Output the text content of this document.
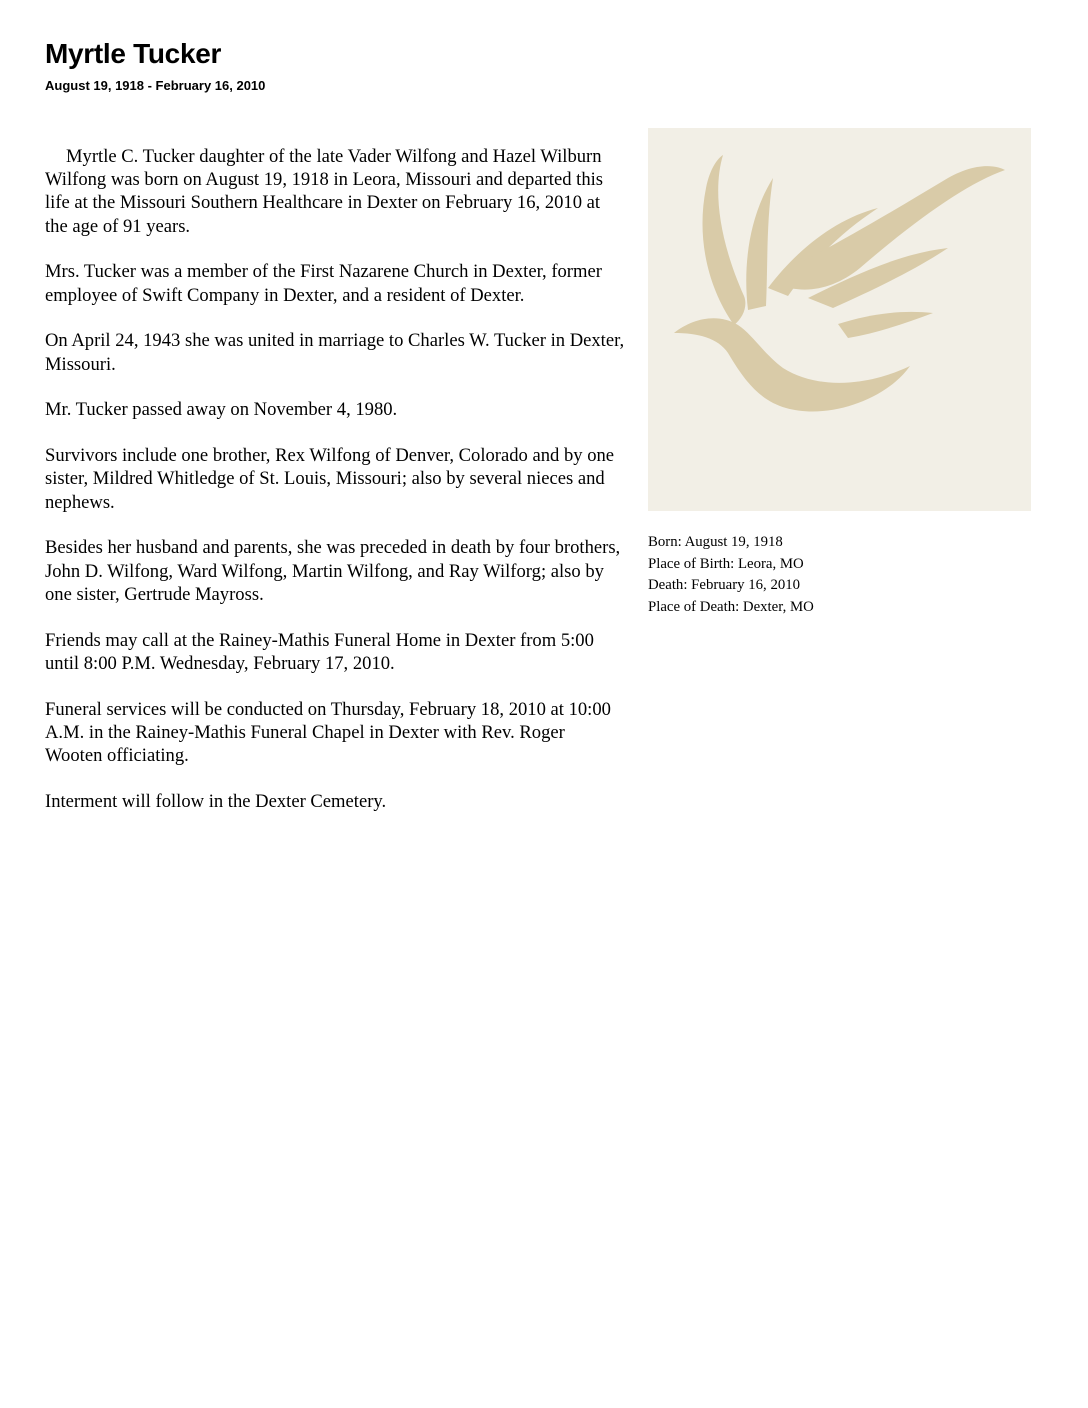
Myrtle Tucker
August 19, 1918 - February 16, 2010

Myrtle C. Tucker daughter of the late Vader Wilfong and Hazel Wilburn Wilfong was born on August 19, 1918 in Leora, Missouri and departed this life at the Missouri Southern Healthcare in Dexter on February 16, 2010 at the age of 91 years.

Mrs. Tucker was a member of the First Nazarene Church in Dexter, former employee of Swift Company in Dexter, and a resident of Dexter.

On April 24, 1943 she was united in marriage to Charles W. Tucker in Dexter, Missouri.

Mr. Tucker passed away on November 4, 1980.

Survivors include one brother, Rex Wilfong of Denver, Colorado and by one sister, Mildred Whitledge of St. Louis, Missouri; also by several nieces and nephews.

Besides her husband and parents, she was preceded in death by four brothers, John D. Wilfong, Ward Wilfong, Martin Wilfong, and Ray Wilforg; also by one sister, Gertrude Mayross.

Friends may call at the Rainey-Mathis Funeral Home in Dexter from 5:00 until 8:00 P.M. Wednesday, February 17, 2010.

Funeral services will be conducted on Thursday, February 18, 2010 at 10:00 A.M. in the Rainey-Mathis Funeral Chapel in Dexter with Rev. Roger Wooten officiating.

Interment will follow in the Dexter Cemetery.

Born: August 19, 1918
Place of Birth: Leora, MO
Death: February 16, 2010
Place of Death: Dexter, MO
